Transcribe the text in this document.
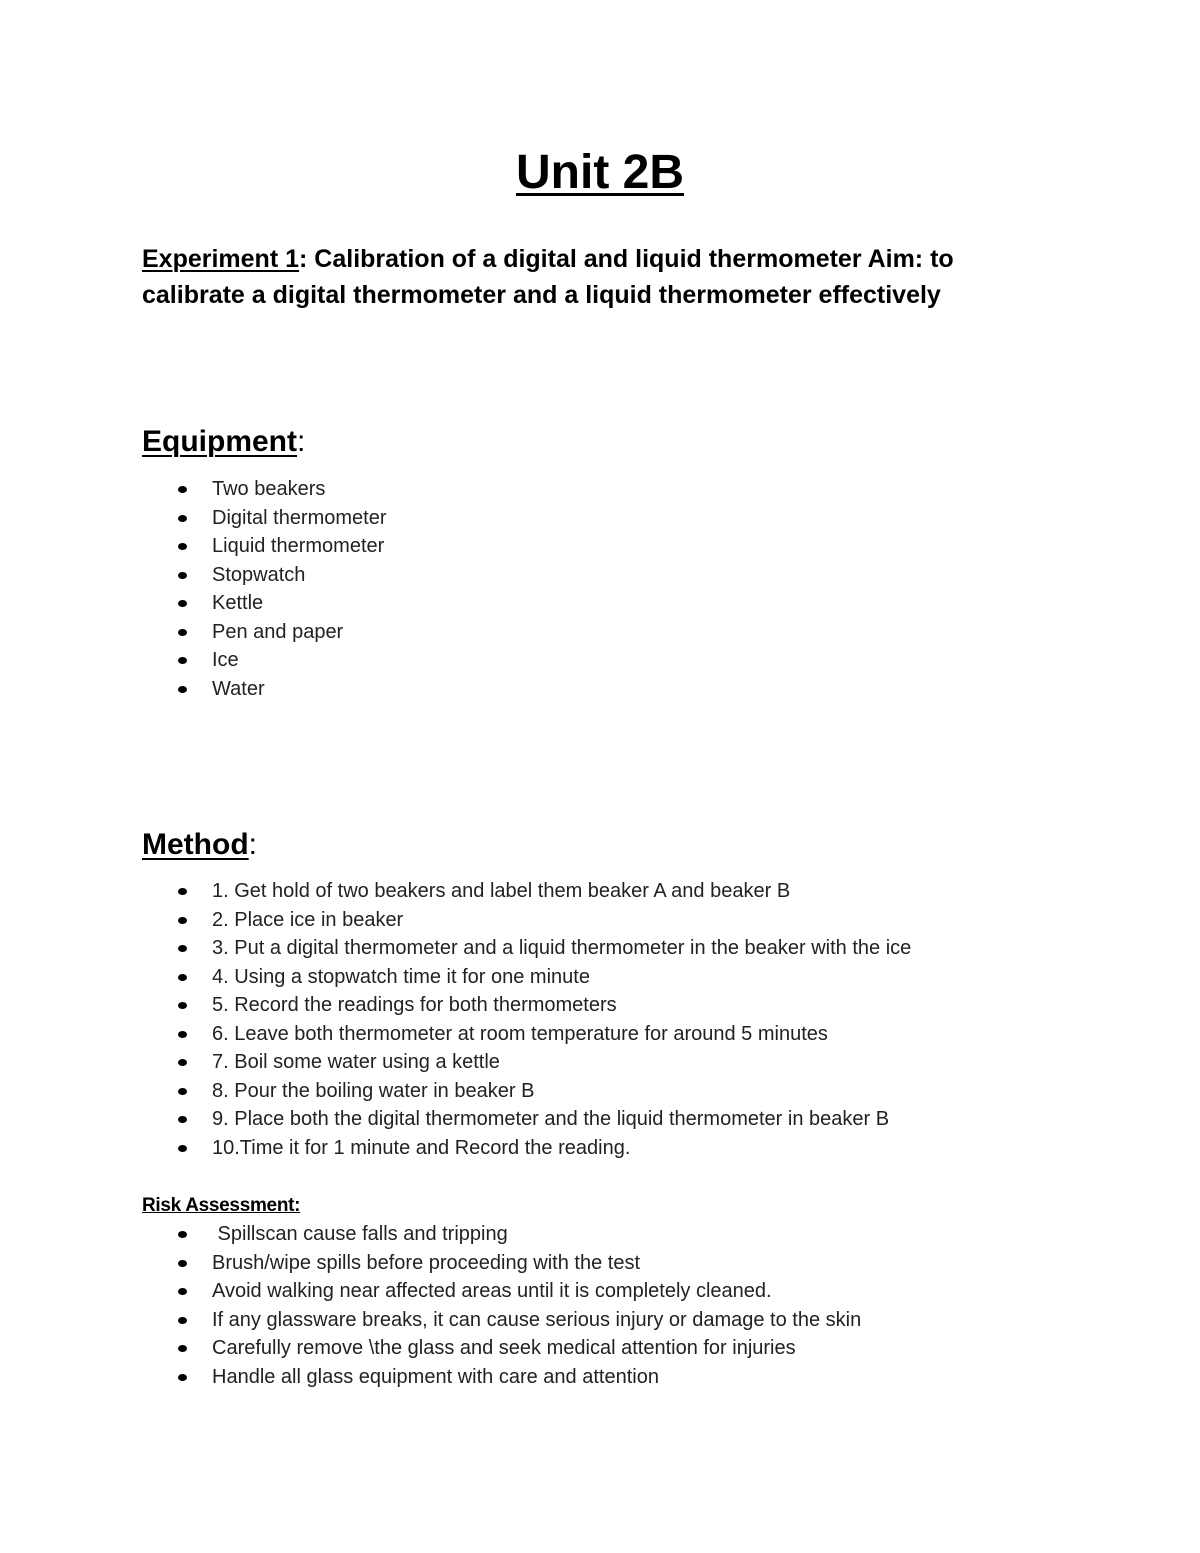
Unit 2B
Experiment 1: Calibration of a digital and liquid thermometer Aim: to calibrate a digital thermometer and a liquid thermometer effectively
Equipment:
Two beakers
Digital thermometer
Liquid thermometer
Stopwatch
Kettle
Pen and paper
Ice
Water
Method:
1. Get hold of two beakers and label them beaker A and beaker B
2. Place ice in beaker
3. Put a digital thermometer and a liquid thermometer in the beaker with the ice
4. Using a stopwatch time it for one minute
5. Record the readings for both thermometers
6. Leave both thermometer at room temperature for around 5 minutes
7. Boil some water using a kettle
8. Pour the boiling water in beaker B
9. Place both the digital thermometer and the liquid thermometer in beaker B
10.Time it for 1 minute and Record the reading.
Risk Assessment:
Spillscan cause falls and tripping
Brush/wipe spills before proceeding with the test
Avoid walking near affected areas until it is completely cleaned.
If any glassware breaks, it can cause serious injury or damage to the skin
Carefully remove \the glass and seek medical attention for injuries
Handle all glass equipment with care and attention
